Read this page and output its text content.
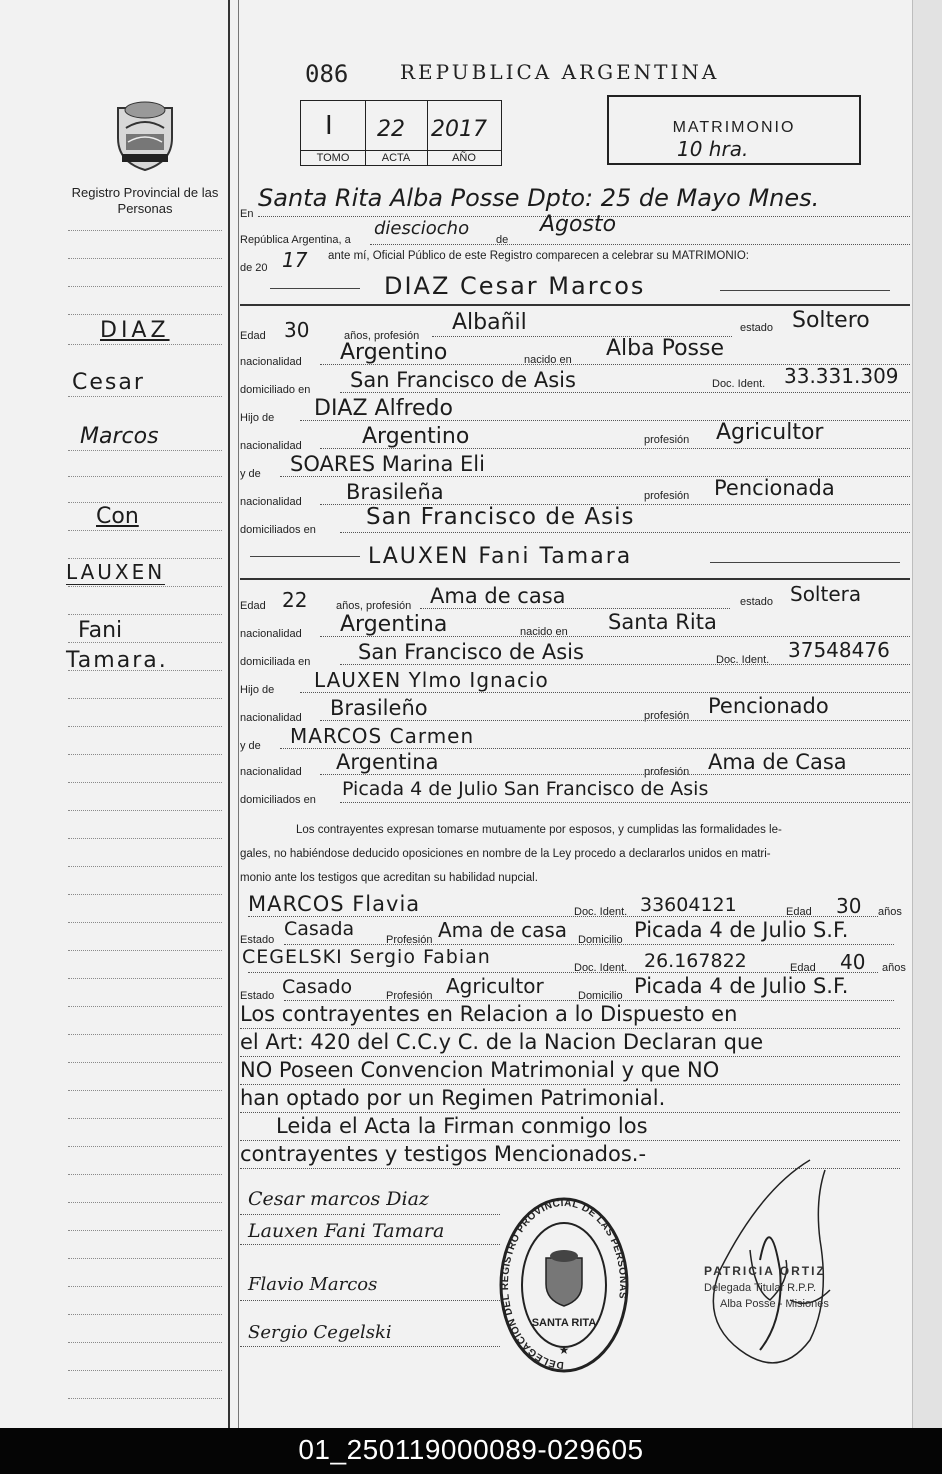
Registro Provincial de las Personas
DIAZ
Cesar
Marcos
Con
LAUXEN
Fani
Tamara.
086	REPUBLICA ARGENTINA
I
TOMO
22
ACTA
2017
AÑO
MATRIMONIO
10 hra.
En
Santa Rita Alba Posse Dpto: 25 de Mayo Mnes.
República Argentina, a
diesciocho
de
Agosto
de 20 17 ante mí, Oficial Público de este Registro comparecen a celebrar su MATRIMONIO:
DIAZ Cesar Marcos
Edad 30	años, profesión
Albañil	estado Soltero
nacionalidad Argentino	nacido en Alba Posse
domiciliado en San Francisco de Asis	Doc. Ident. 33.331.309
Hijo de DIAZ Alfredo
nacionalidad	Argentino	profesión Agricultor
y de SOARES Marina Eli
nacionalidad Brasileña	profesión Pencionada
domiciliados en San Francisco de Asis
LAUXEN Fani Tamara
Edad 22	años, profesión Ama de casa	estado Soltera
nacionalidad Argentina	nacido en Santa Rita
domiciliada en San Francisco de Asis	Doc. Ident. 37548476
Hijo de LAUXEN Ylmo Ignacio
nacionalidad Brasileño	profesión Pencionado
y de MARCOS Carmen
nacionalidad Argentina	profesión Ama de Casa
domiciliados en Picada 4 de Julio San Francisco de Asis
Los contrayentes expresan tomarse mutuamente por esposos, y cumplidas las formalidades le-
gales, no habiéndose deducido oposiciones en nombre de la Ley procedo a declararlos unidos en matri-
monio ante los testigos que acreditan su habilidad nupcial.
MARCOS Flavia	Doc. Ident. 33604121	Edad 30 años
Estado Casada	Profesión Ama de casa Domicilio Picada 4 de Julio S.F.
CEGELSKI Sergio Fabian	Doc. Ident. 26.167822	Edad 40 años
Estado Casado	Profesión Agricultor	Domicilio Picada 4 de Julio S.F.
Los contrayentes en Relacion a lo Dispuesto en
el Art: 420 del C.C.y C. de la Nacion Declaran que
NO Poseen Convencion Matrimonial y que NO
han optado por un Regimen Patrimonial.
Leida el Acta la Firman conmigo los
contrayentes y testigos Mencionados.-
Cesar marcos Diaz
Lauxen Fani Tamara
Flavio Marcos
Sergio Cegelski
DELEGACION DEL REGISTRO PROVINCIAL DE LAS PERSONAS
SANTA RITA
★
PATRICIA ORTIZ
Delegada Titular R.P.P.
Alba Posse - Misiones
01_250119000089-029605
